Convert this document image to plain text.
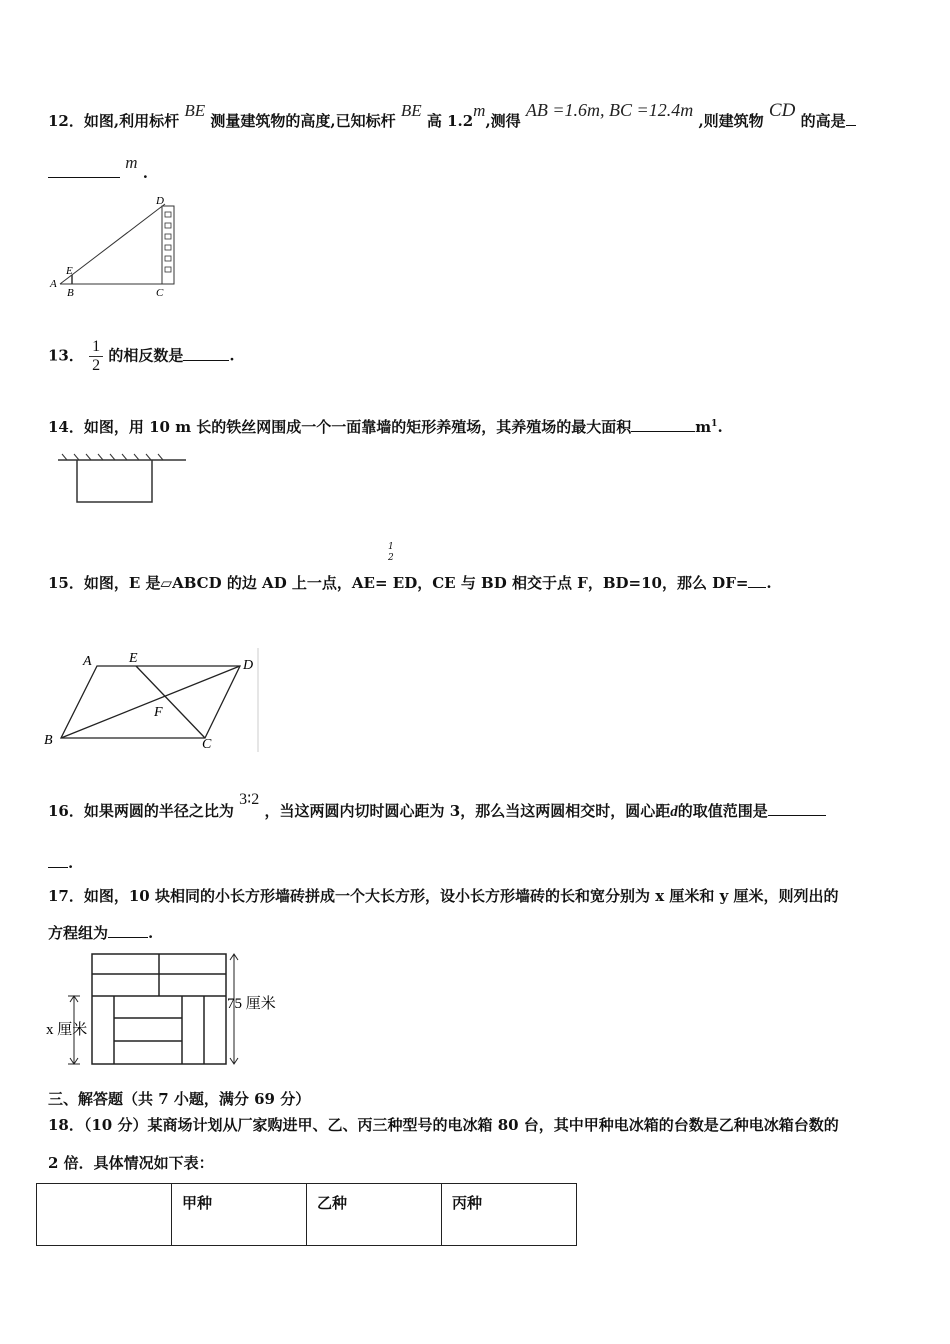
12．如图,利用标杆 BE 测量建筑物的高度,已知标杆 BE 高 1.2m,测得 AB =1.6m, BC =12.4m ,则建筑物 CD 的高是
m .
A
B	C
D
E
13． $\frac{1}{2}$ 的相反数是	.
14．如图，用 10 m 长的铁丝网围成一个一面靠墙的矩形养殖场，其养殖场的最大面积	$m^1$.
15．如图，E 是▱ABCD 的边 AD 上一点，AE=
1
2
ED，CE 与 BD 相交于点 F，BD=10，那么 DF= .
A	E	D
F
B	C
16．如果两圆的半径之比为 3∶2 ，当这两圆内切时圆心距为 3，那么当这两圆相交时，圆心距d的取值范围是
.
17．如图，10 块相同的小长方形墙砖拼成一个大长方形，设小长方形墙砖的长和宽分别为 x 厘米和 y 厘米，则列出的
方程组为	.
75 厘米
x 厘米
三、解答题（共 7 小题，满分 69 分）
18．（10 分）某商场计划从厂家购进甲、乙、丙三种型号的电冰箱 80 台，其中甲种电冰箱的台数是乙种电冰箱台数的
2 倍．具体情况如下表：
	甲种	乙种	丙种
